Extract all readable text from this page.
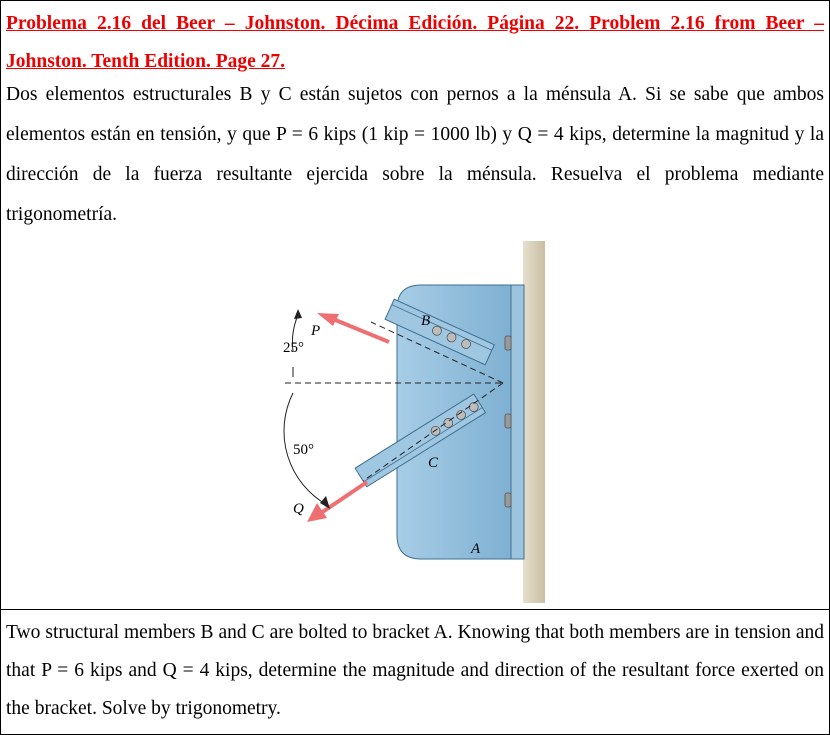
Problema 2.16 del Beer – Johnston. Décima Edición. Página 22. Problem 2.16 from Beer –Johnston. Tenth Edition. Page 27.
Dos elementos estructurales B y C están sujetos con pernos a la ménsula A. Si se sabe que ambos elementos están en tensión, y que P = 6 kips (1 kip = 1000 lb) y Q = 4 kips, determine la magnitud y la dirección de la fuerza resultante ejercida sobre la ménsula. Resuelva el problema mediante trigonometría.
B
C
A
P
Q
25°
50°
Two structural members B and C are bolted to bracket A. Knowing that both members are in tension and that P = 6 kips and Q = 4 kips, determine the magnitude and direction of the resultant force exerted on the bracket. Solve by trigonometry.
